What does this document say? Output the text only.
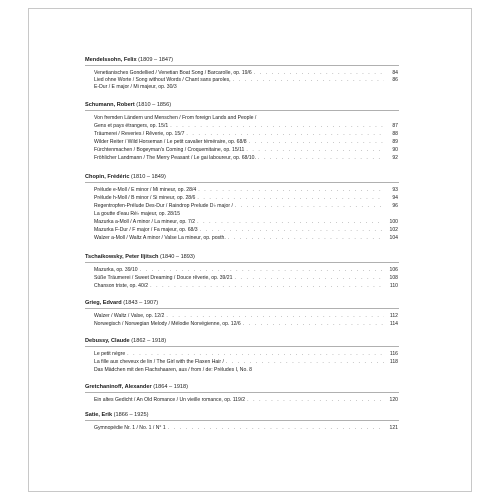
Mendelssohn, Felix (1809 – 1847)
Venetianisches Gondellied / Venetian Boat Song / Barcarolle, op. 19/6 . . .	84
Lied ohne Worte / Song without Words / Chant sans paroles, . . .	86
E-Dur / E major / Mi majeur, op. 30/3
Schumann, Robert (1810 – 1856)
Von fremden Ländern und Menschen / From foreign Lands and People /
Gens et pays étrangers, op. 15/1 . . .	87
Träumerei / Reveries / Rêverie, op. 15/7 . . .	88
Wilder Reiter / Wild Horseman / Le petit cavalier téméraire, op. 68/8 . . .	89
Fürchtenmachen / Bogeyman's Coming / Croquemitaine, op. 15/11 . . .	90
Fröhlicher Landmann / The Merry Peasant / Le gai laboureur, op. 68/10. . . .	92
Chopin, Frédéric (1810 – 1849)
Prélude e-Moll / E minor / Mi mineur, op. 28/4 . . .	93
Prélude h-Moll / B minor / Si mineur, op. 28/6 . . .	94
Regentropfen-Prélude Des-Dur / Raindrop Prelude D♭ major / . . .	96
La goutte d'eau Ré♭ majeur, op. 28/15
Mazurka a-Moll / A minor / La mineur, op. 7/2 . . .	100
Mazurka F-Dur / F major / Fa majeur, op. 68/3 . . .	102
Walzer a-Moll / Waltz A minor / Valse La mineur, op. posth. . . .	104
Tschaikowsky, Peter Iljitsch (1840 – 1893)
Mazurka, op. 39/10 . . .	106
Süße Träumerei / Sweet Dreaming / Douce rêverie, op. 39/21 . . .	108
Chanson triste, op. 40/2 . . .	110
Grieg, Edvard (1843 – 1907)
Walzer / Waltz / Valse, op. 12/2 . . .	112
Norwegisch / Norwegian Melody / Mélodie Norvégienne, op. 12/6 . . .	114
Debussy, Claude (1862 – 1918)
Le petit nègre . . .	116
La fille aux cheveux de lin / The Girl with the Flaxen Hair / . . .	118
Das Mädchen mit den Flachshaaren, aus / from / de: Préludes I, No. 8
Gretchaninoff, Alexander (1864 – 1918)
Ein altes Gedicht / An Old Romance / Un vieille romance, op. 119/2 . . .	120
Satie, Erik (1866 – 1925)
Gymnopédie Nr. 1 / No. 1 / N° 1 . . .	121
